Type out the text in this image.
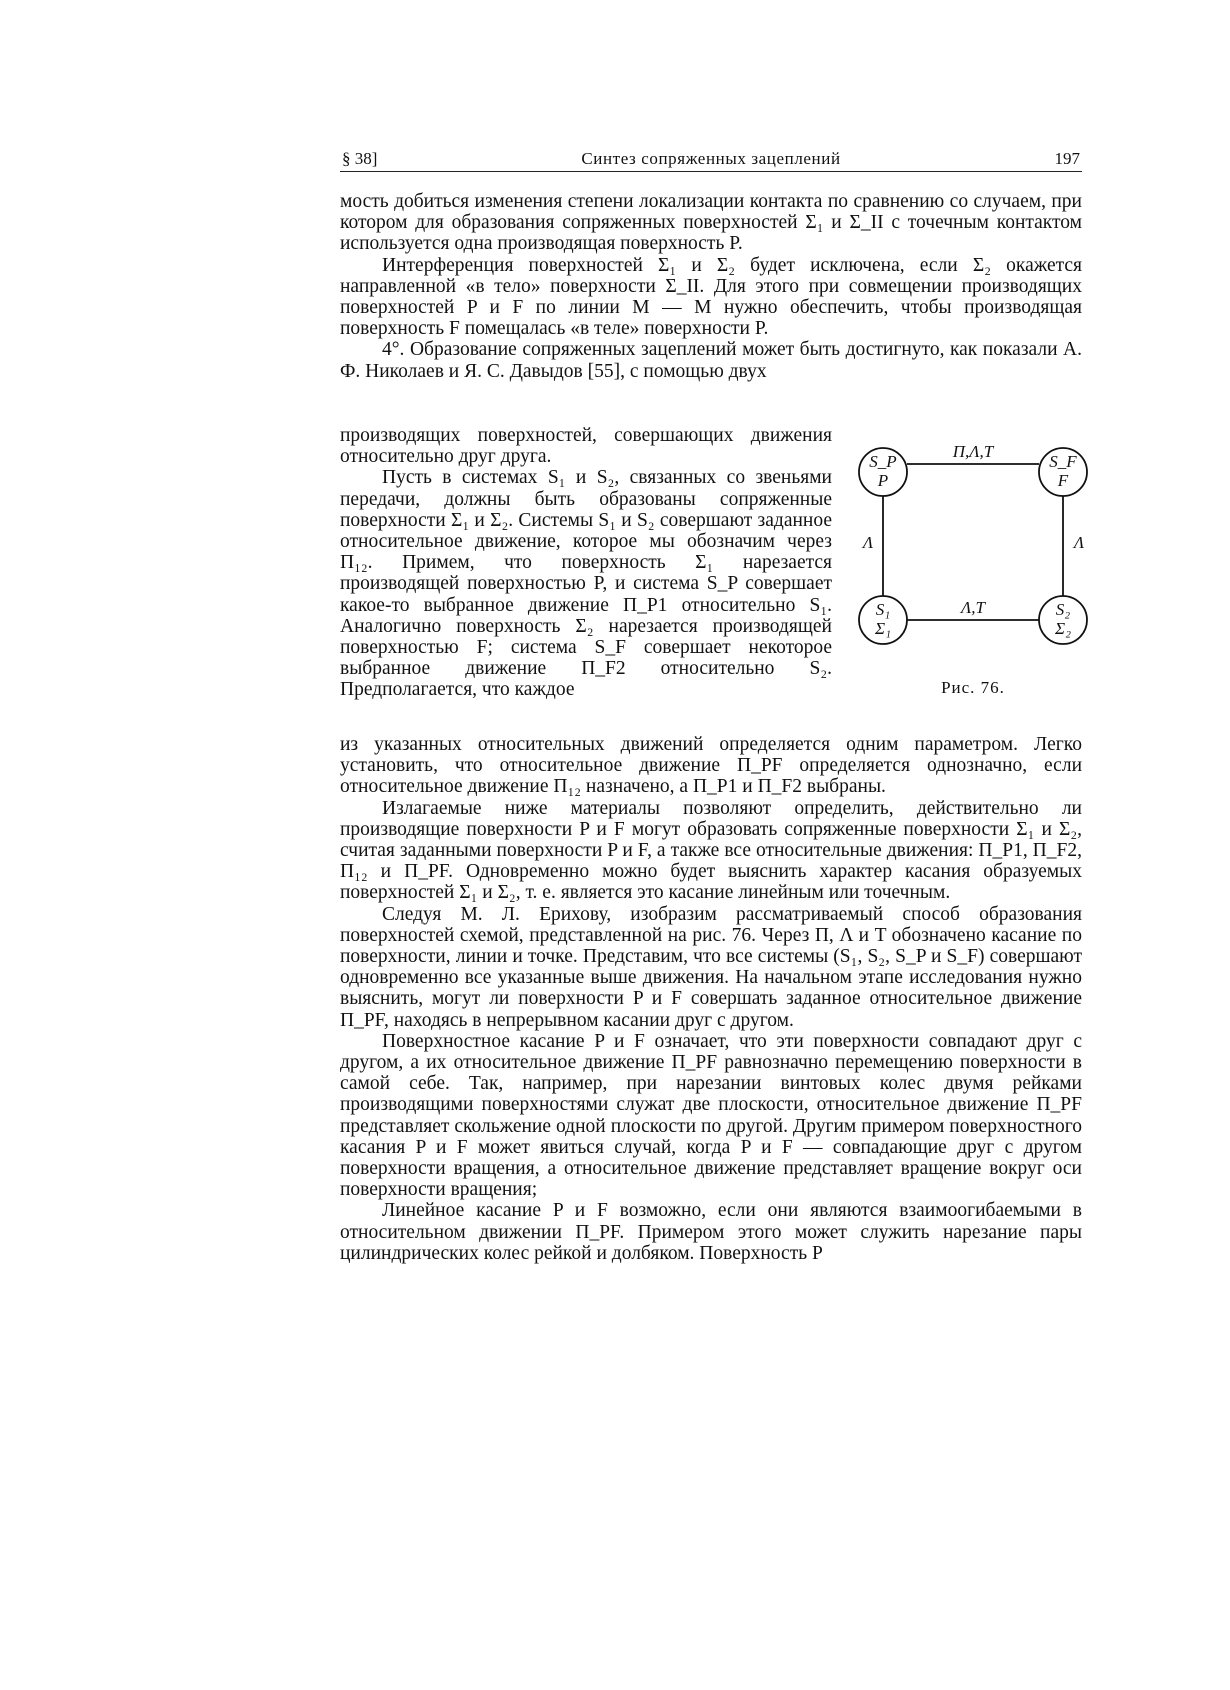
§ 38]	Синтез сопряженных зацеплений	197

мость добиться изменения степени локализации контакта по сравнению со случаем, при котором для образования сопряженных поверхностей Σ₁ и Σ_II с точечным контактом используется одна производящая поверхность P.

Интерференция поверхностей Σ₁ и Σ₂ будет исключена, если Σ₂ окажется направленной «в тело» поверхности Σ_II. Для этого при совмещении производящих поверхностей P и F по линии M — M нужно обеспечить, чтобы производящая поверхность F помещалась «в теле» поверхности P.

4°. Образование сопряженных зацеплений может быть достигнуто, как показали А. Ф. Николаев и Я. С. Давыдов [55], с помощью двух

производящих поверхностей, совершающих движения относительно друг друга.

Пусть в системах S₁ и S₂, связанных со звеньями передачи, должны быть образованы сопряженные поверхности Σ₁ и Σ₂. Системы S₁ и S₂ совершают заданное относительное движение, которое мы обозначим через П₁₂. Примем, что поверхность Σ₁ нарезается производящей поверхностью P, и система S_P совершает какое-то выбранное движение П_P1 относительно S₁. Аналогично поверхность Σ₂ нарезается производящей поверхностью F; система S_F совершает некоторое выбранное движение П_F2 относительно S₂. Предполагается, что каждое

S_P
P
S_F
F
S₁
Σ₁
S₂
Σ₂
П,Λ,T
Λ,T
Λ	Λ
Рис. 76.

из указанных относительных движений определяется одним параметром. Легко установить, что относительное движение П_PF определяется однозначно, если относительное движение П₁₂ назначено, а П_P1 и П_F2 выбраны.

Излагаемые ниже материалы позволяют определить, действительно ли производящие поверхности P и F могут образовать сопряженные поверхности Σ₁ и Σ₂, считая заданными поверхности P и F, а также все относительные движения: П_P1, П_F2, П₁₂ и П_PF. Одновременно можно будет выяснить характер касания образуемых поверхностей Σ₁ и Σ₂, т. е. является это касание линейным или точечным.

Следуя М. Л. Ерихову, изобразим рассматриваемый способ образования поверхностей схемой, представленной на рис. 76. Через П, Λ и T обозначено касание по поверхности, линии и точке. Представим, что все системы (S₁, S₂, S_P и S_F) совершают одновременно все указанные выше движения. На начальном этапе исследования нужно выяснить, могут ли поверхности P и F совершать заданное относительное движение П_PF, находясь в непрерывном касании друг с другом.

Поверхностное касание P и F означает, что эти поверхности совпадают друг с другом, а их относительное движение П_PF равнозначно перемещению поверхности в самой себе. Так, например, при нарезании винтовых колес двумя рейками производящими поверхностями служат две плоскости, относительное движение П_PF представляет скольжение одной плоскости по другой. Другим примером поверхностного касания P и F может явиться случай, когда P и F — совпадающие друг с другом поверхности вращения, а относительное движение представляет вращение вокруг оси поверхности вращения;

Линейное касание P и F возможно, если они являются взаимоогибаемыми в относительном движении П_PF. Примером этого может служить нарезание пары цилиндрических колес рейкой и долбяком. Поверхность P
